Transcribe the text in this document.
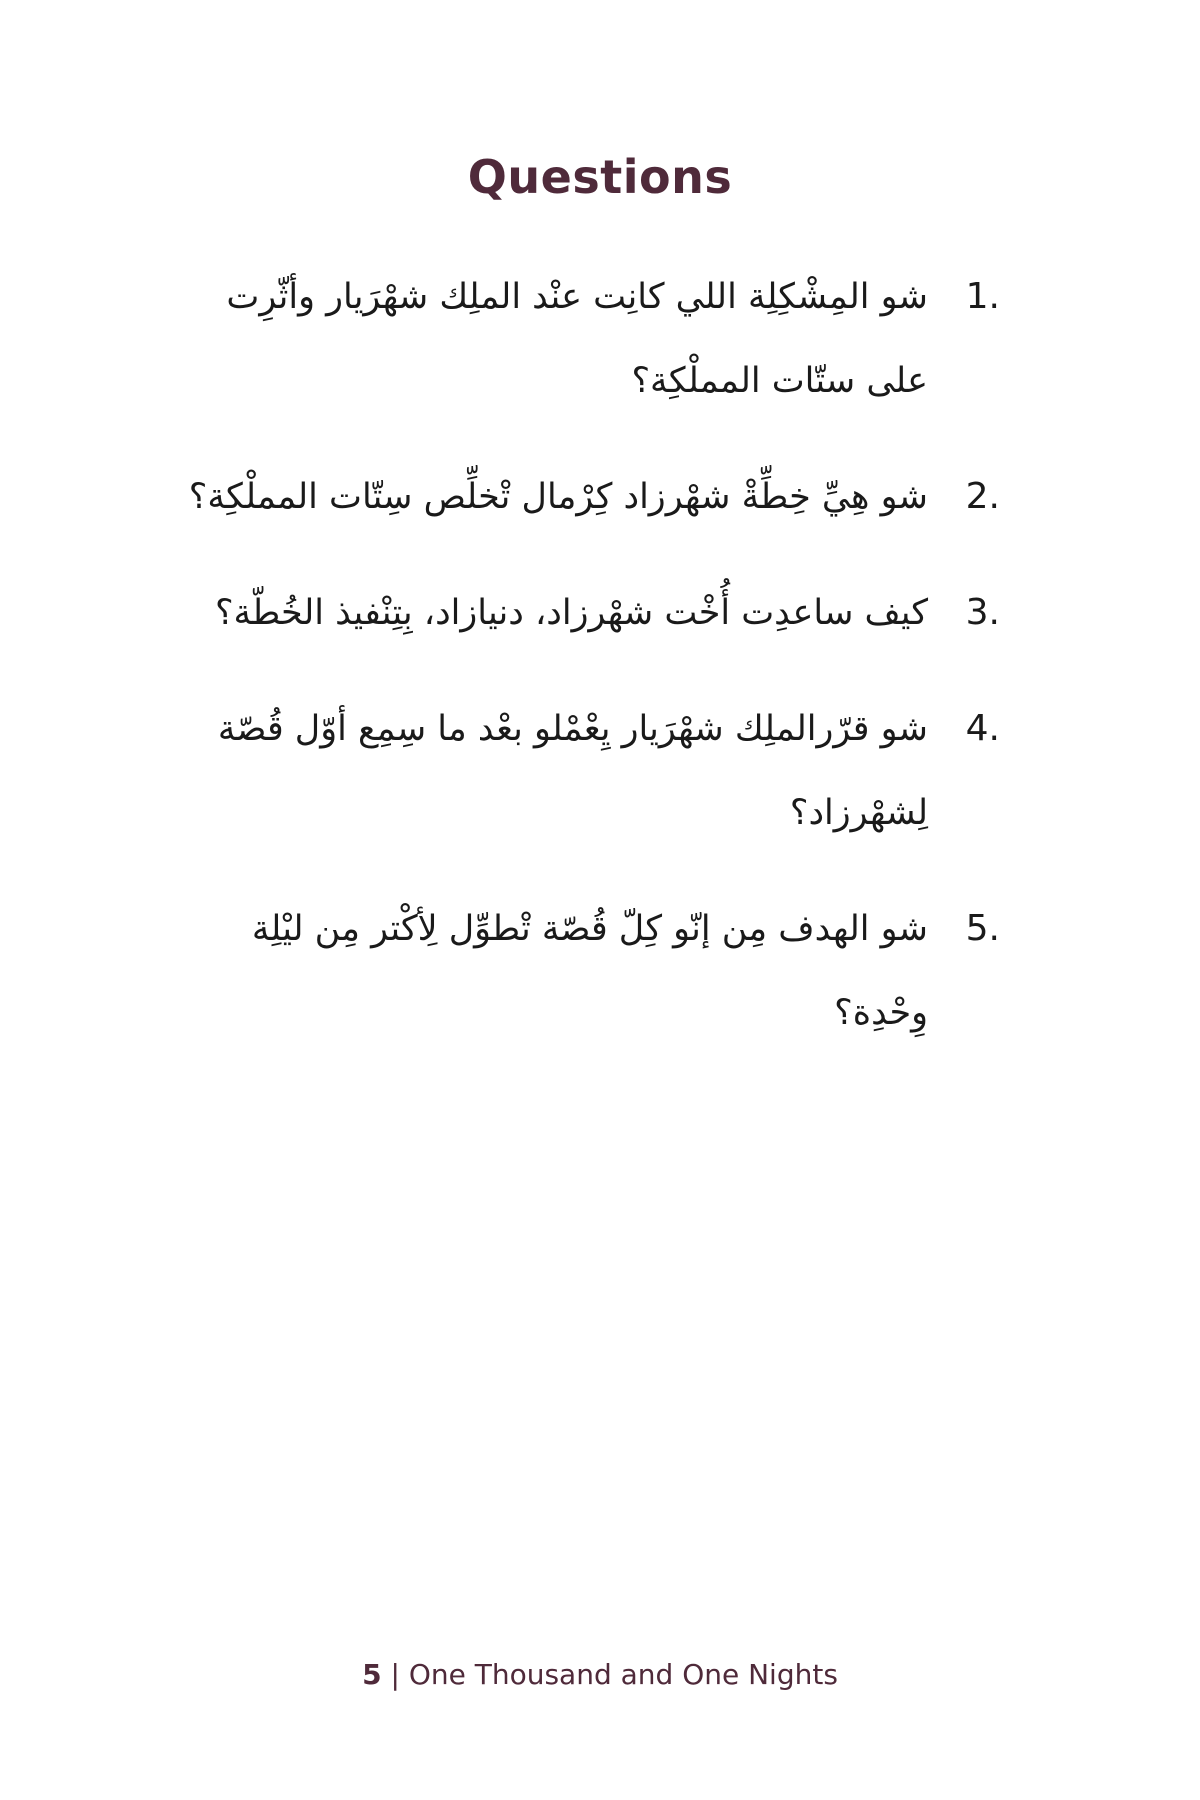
Questions
شو المِشْكِلِة اللي كانِت عنْد الملِك شهْرَيار وأثّرِت على ستّات المملْكِة؟
1.
شو هِيِّ خِطِّةْ شهْرزاد كِرْمال تْخلِّص سِتّات المملْكِة؟	2.
كيف ساعدِت أُخْت شهْرزاد، دنيازاد، بِتِنْفيذ الخُطّة؟	3.
شو قرّرالملِك شهْرَيار يِعْمْلو بعْد ما سِمِع أوّل قُصّة لِشهْرزاد؟
4.
شو الهدف مِن إنّو كِلّ قُصّة تْطوِّل لِأكْتر مِن ليْلِة وِحْدِة؟
5.
5 | One Thousand and One Nights
